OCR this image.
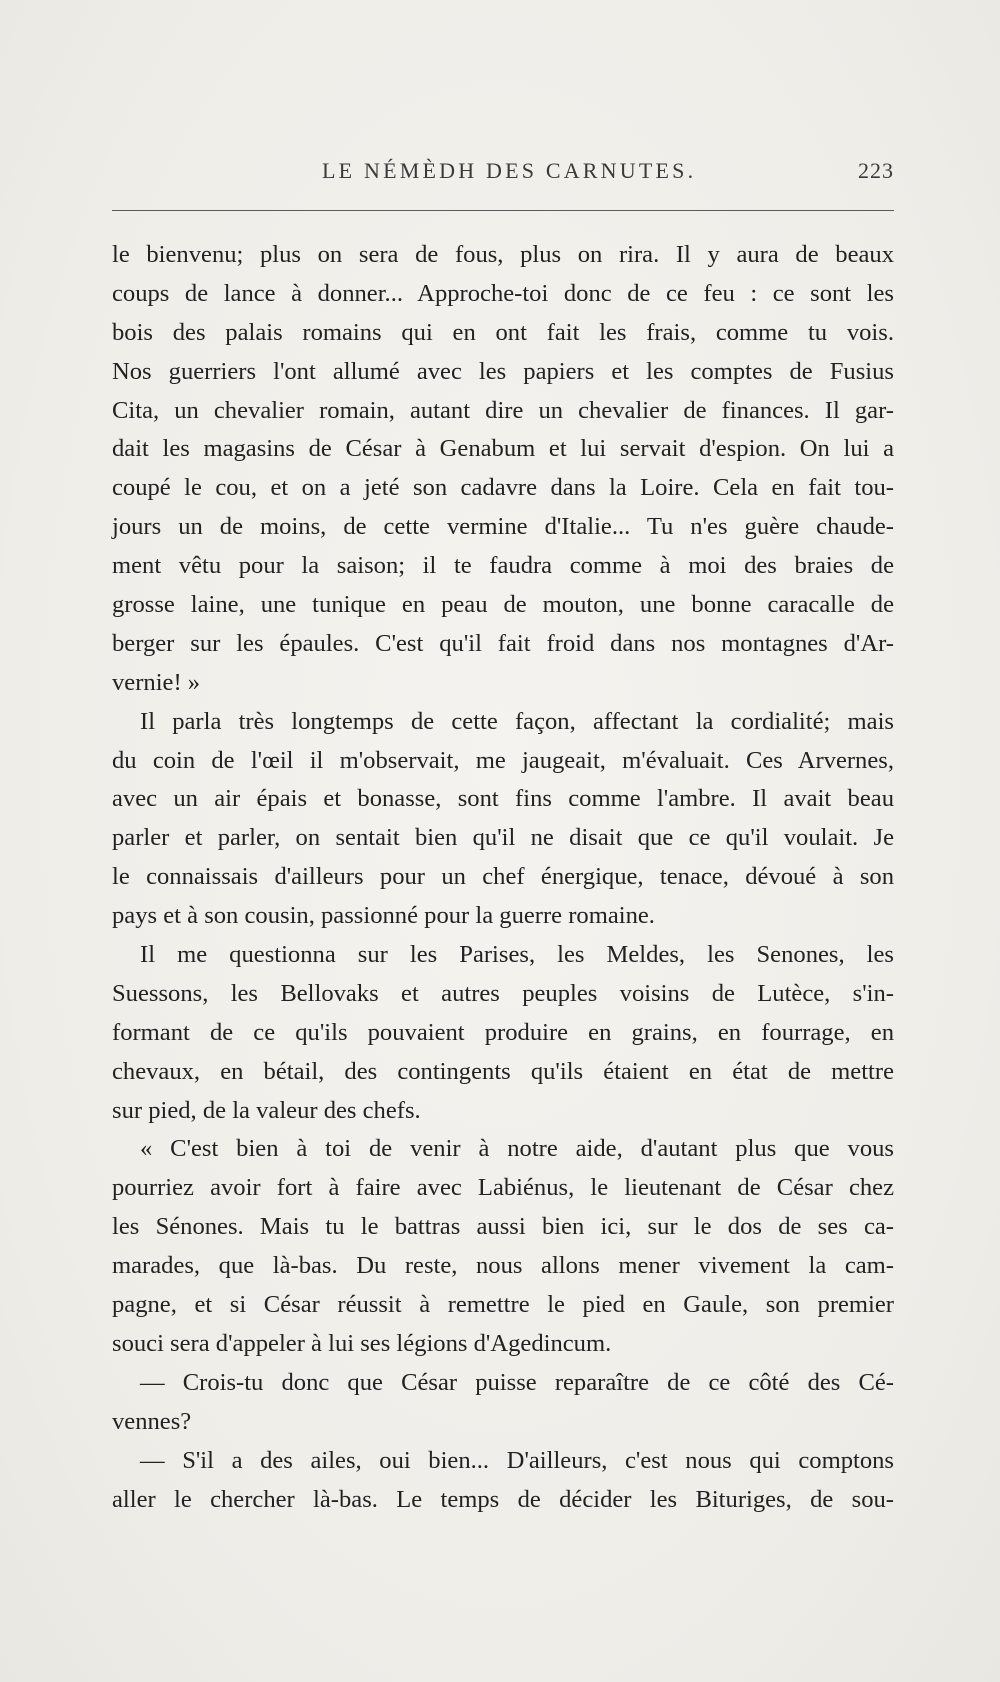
LE NÉMÈDH DES CARNUTES.	223
le bienvenu; plus on sera de fous, plus on rira. Il y aura de beaux
coups de lance à donner... Approche-toi donc de ce feu : ce sont les
bois des palais romains qui en ont fait les frais, comme tu vois.
Nos guerriers l'ont allumé avec les papiers et les comptes de Fusius
Cita, un chevalier romain, autant dire un chevalier de finances. Il gar-
dait les magasins de César à Genabum et lui servait d'espion. On lui a
coupé le cou, et on a jeté son cadavre dans la Loire. Cela en fait tou-
jours un de moins, de cette vermine d'Italie... Tu n'es guère chaude-
ment vêtu pour la saison; il te faudra comme à moi des braies de
grosse laine, une tunique en peau de mouton, une bonne caracalle de
berger sur les épaules. C'est qu'il fait froid dans nos montagnes d'Ar-
vernie! »
Il parla très longtemps de cette façon, affectant la cordialité; mais
du coin de l'œil il m'observait, me jaugeait, m'évaluait. Ces Arvernes,
avec un air épais et bonasse, sont fins comme l'ambre. Il avait beau
parler et parler, on sentait bien qu'il ne disait que ce qu'il voulait. Je
le connaissais d'ailleurs pour un chef énergique, tenace, dévoué à son
pays et à son cousin, passionné pour la guerre romaine.
Il me questionna sur les Parises, les Meldes, les Senones, les
Suessons, les Bellovaks et autres peuples voisins de Lutèce, s'in-
formant de ce qu'ils pouvaient produire en grains, en fourrage, en
chevaux, en bétail, des contingents qu'ils étaient en état de mettre
sur pied, de la valeur des chefs.
« C'est bien à toi de venir à notre aide, d'autant plus que vous
pourriez avoir fort à faire avec Labiénus, le lieutenant de César chez
les Sénones. Mais tu le battras aussi bien ici, sur le dos de ses ca-
marades, que là-bas. Du reste, nous allons mener vivement la cam-
pagne, et si César réussit à remettre le pied en Gaule, son premier
souci sera d'appeler à lui ses légions d'Agedincum.
— Crois-tu donc que César puisse reparaître de ce côté des Cé-
vennes?
— S'il a des ailes, oui bien... D'ailleurs, c'est nous qui comptons
aller le chercher là-bas. Le temps de décider les Bituriges, de sou-
